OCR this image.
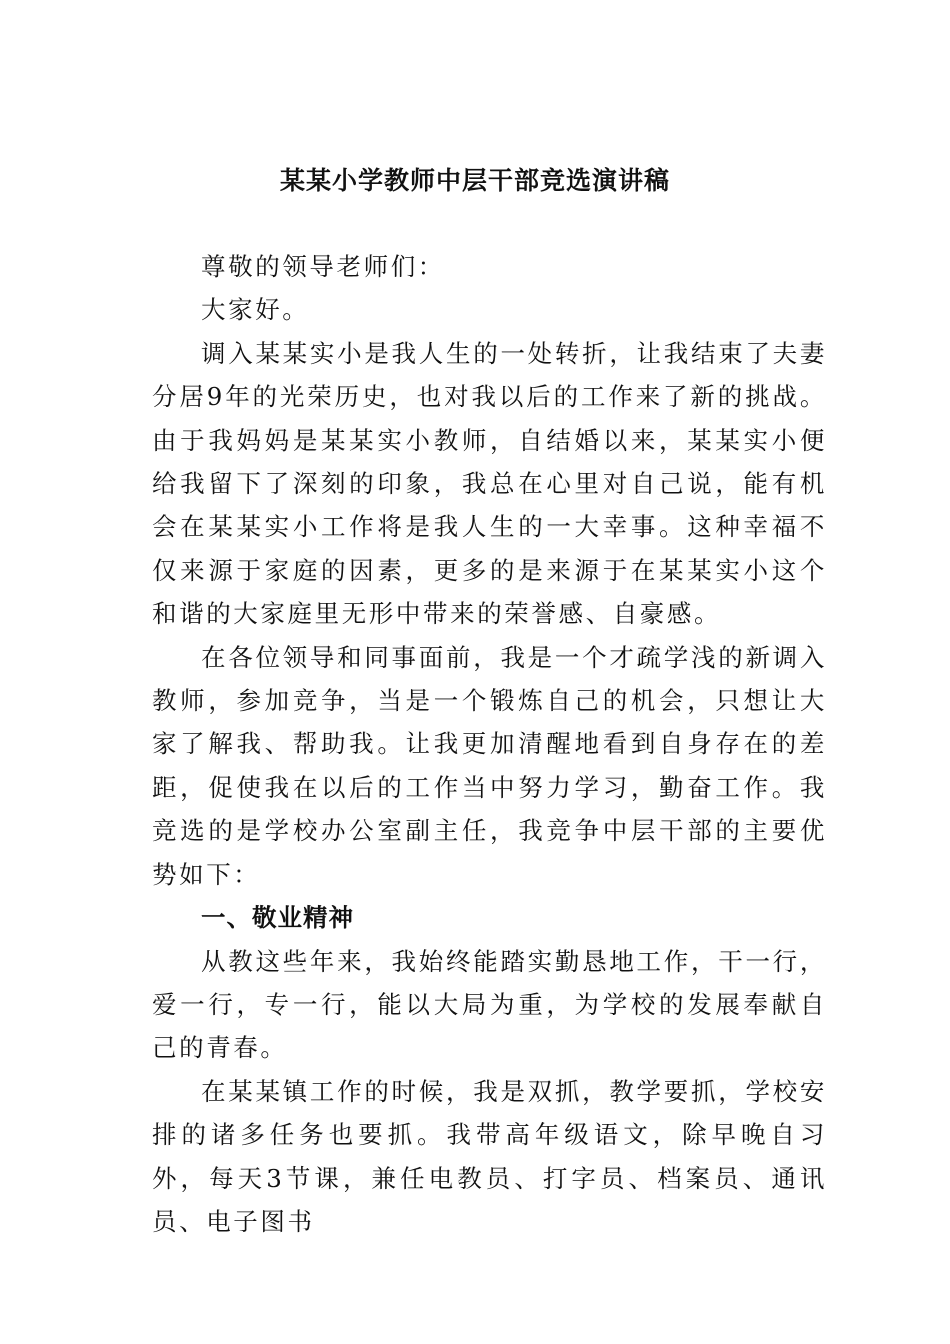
某某小学教师中层干部竞选演讲稿

尊敬的领导老师们：

大家好。

调入某某实小是我人生的一处转折，让我结束了夫妻分居9年的光荣历史，也对我以后的工作来了新的挑战。由于我妈妈是某某实小教师，自结婚以来，某某实小便给我留下了深刻的印象，我总在心里对自己说，能有机会在某某实小工作将是我人生的一大幸事。这种幸福不仅来源于家庭的因素，更多的是来源于在某某实小这个和谐的大家庭里无形中带来的荣誉感、自豪感。

在各位领导和同事面前，我是一个才疏学浅的新调入教师，参加竞争，当是一个锻炼自己的机会，只想让大家了解我、帮助我。让我更加清醒地看到自身存在的差距，促使我在以后的工作当中努力学习，勤奋工作。我竞选的是学校办公室副主任，我竞争中层干部的主要优势如下：

一、敬业精神

从教这些年来，我始终能踏实勤恳地工作，干一行，爱一行，专一行，能以大局为重，为学校的发展奉献自己的青春。

在某某镇工作的时候，我是双抓，教学要抓，学校安排的诸多任务也要抓。我带高年级语文，除早晚自习外，每天3节课，兼任电教员、打字员、档案员、通讯员、电子图书
